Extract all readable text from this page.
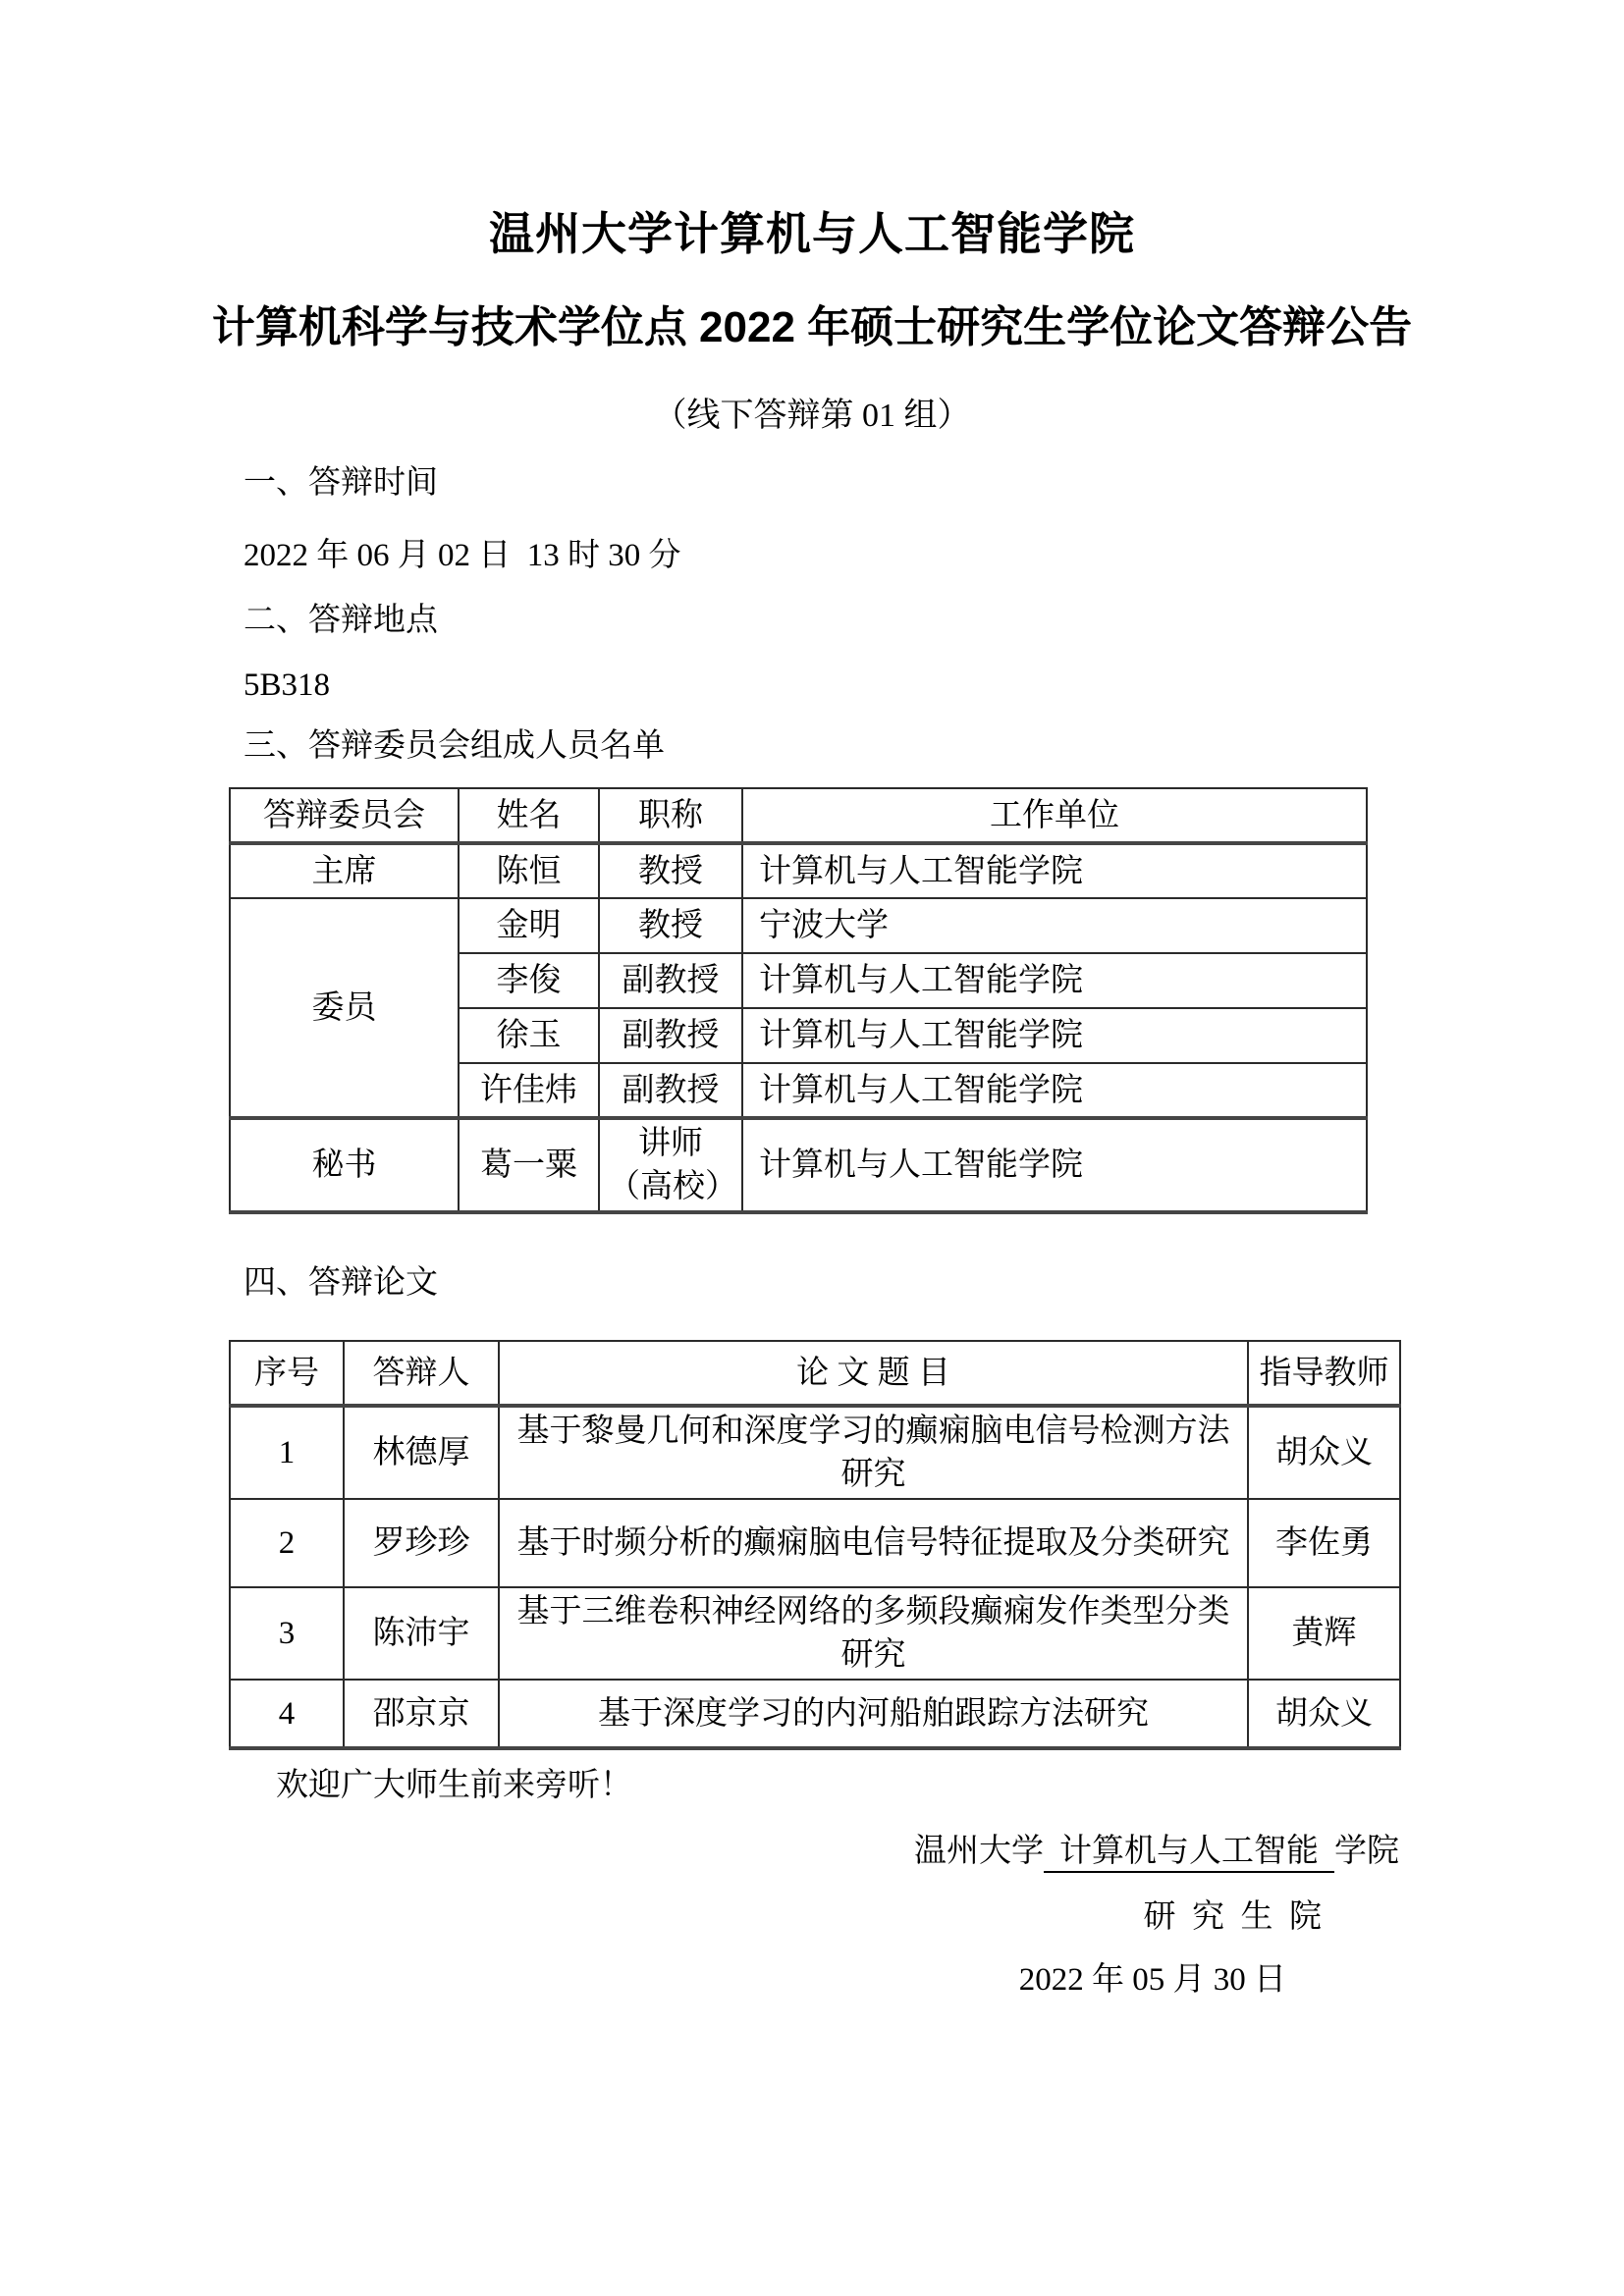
温州大学计算机与人工智能学院
计算机科学与技术学位点 2022 年硕士研究生学位论文答辩公告
（线下答辩第 01 组）
一、答辩时间
2022 年 06 月 02 日  13 时 30 分
二、答辩地点
5B318
三、答辩委员会组成人员名单
答辩委员会	姓名	职称	工作单位
主席	陈恒	教授	计算机与人工智能学院
委员	金明	教授	宁波大学
	李俊	副教授	计算机与人工智能学院
	徐玉	副教授	计算机与人工智能学院
	许佳炜	副教授	计算机与人工智能学院
秘书	葛一粟	讲师（高校）	计算机与人工智能学院
四、答辩论文
序号	答辩人	论 文 题 目	指导教师
1	林德厚	基于黎曼几何和深度学习的癫痫脑电信号检测方法研究	胡众义
2	罗珍珍	基于时频分析的癫痫脑电信号特征提取及分类研究	李佐勇
3	陈沛宇	基于三维卷积神经网络的多频段癫痫发作类型分类研究	黄辉
4	邵京京	基于深度学习的内河船舶跟踪方法研究	胡众义
欢迎广大师生前来旁听！
温州大学 计算机与人工智能 学院
研  究  生  院
2022 年 05 月 30 日
